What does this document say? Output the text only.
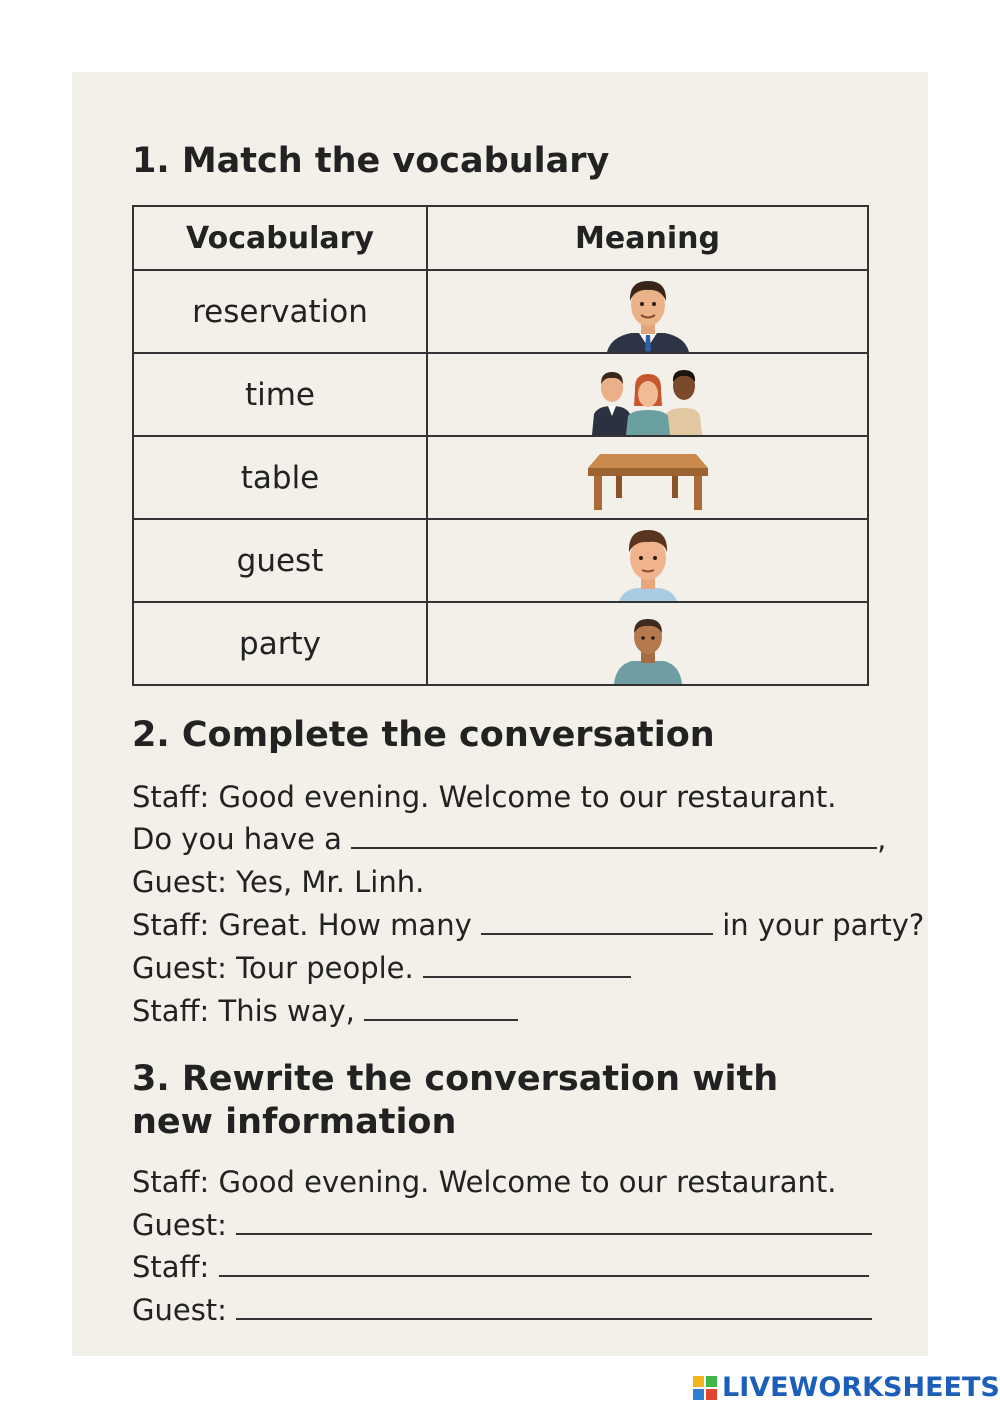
1. Match the vocabulary
Vocabulary	Meaning
reservation	

time	

table	

guest	

party	
2. Complete the conversation
Staff: Good evening. Welcome to our restaurant.
Do you have a	,
Guest: Yes, Mr. Linh.
Staff: Great. How many	in your party?
Guest: Tour people.
Staff: This way,
3. Rewrite the conversation with new information
Staff: Good evening. Welcome to our restaurant.
Guest:
Staff:
Guest:
LIVEWORKSHEETS
